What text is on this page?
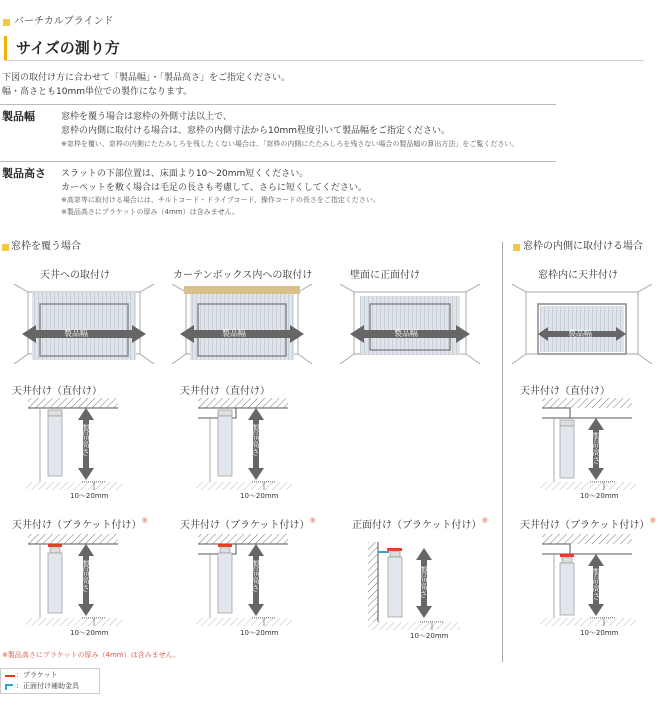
バーチカルブラインド
サイズの測り方
下図の取付け方に合わせて「製品幅」・「製品高さ」をご指定ください。
幅・高さとも10mm単位での製作になります。
製品幅	窓枠を覆う場合は窓枠の外側寸法以上で、
窓枠の内側に取付ける場合は、窓枠の内側寸法から10mm程度引いて製品幅をご指定ください。
※窓枠を覆い、窓枠の内側にたたみしろを残したくない場合は、「窓枠の内側にたたみしろを残さない場合の製品幅の算出方法」をご覧ください。
製品高さ スラットの下部位置は、床面より10～20mm短くください。
カーペットを敷く場合は毛足の長さも考慮して、さらに短くしてください。
※高窓等に取付ける場合には、チルトコード・ドライブコード、操作コードの長さをご指定ください。
※製品高さにブラケットの厚み（4mm）は含みません。
窓枠を覆う場合	窓枠の内側に取付ける場合
天井への取付け	カーテンボックス内への取付け	壁面に正面付け	窓枠内に天井付け
製品幅	製品幅	製品幅	製品幅
天井付け（直付け）	天井付け（直付け）	天井付け（直付け）
製品高さ
10～20mm
製品高さ
10～20mm
製品高さ
10～20mm
天井付け（ブラケット付け）※	天井付け（ブラケット付け）※	正面付け（ブラケット付け）※	天井付け（ブラケット付け）※
製品高さ
10～20mm
製品高さ
10～20mm
製品高さ
10～20mm
製品高さ
10～20mm
※製品高さにブラケットの厚み（4mm）は含みません。
：ブラケット
：正面付け補助金具
